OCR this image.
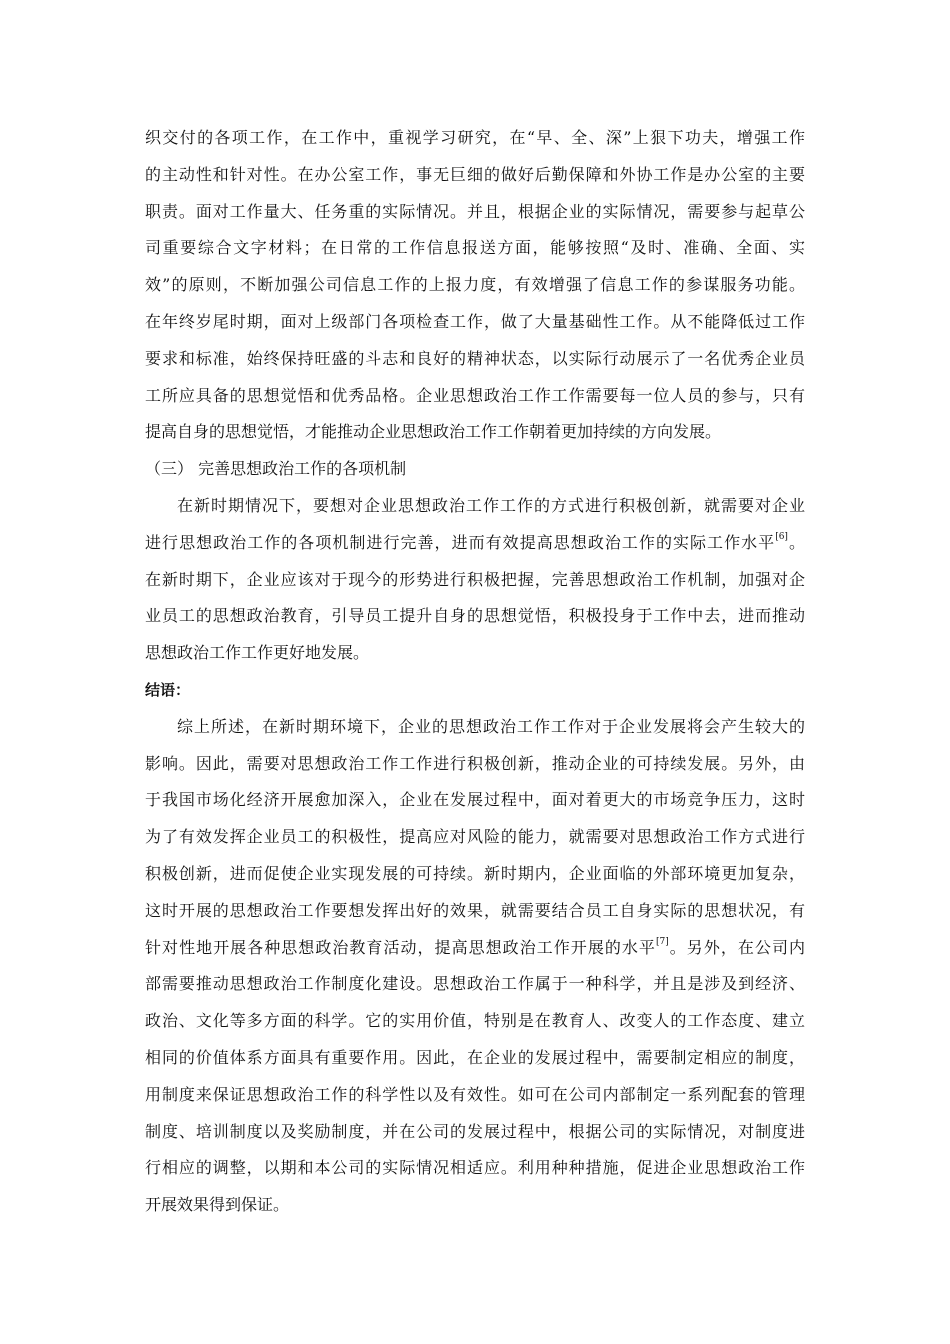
织交付的各项工作，在工作中，重视学习研究，在“早、全、深”上狠下功夫，增强工作
的主动性和针对性。在办公室工作，事无巨细的做好后勤保障和外协工作是办公室的主要
职责。面对工作量大、任务重的实际情况。并且，根据企业的实际情况，需要参与起草公
司重要综合文字材料；在日常的工作信息报送方面，能够按照“及时、准确、全面、实
效”的原则，不断加强公司信息工作的上报力度，有效增强了信息工作的参谋服务功能。
在年终岁尾时期，面对上级部门各项检查工作，做了大量基础性工作。从不能降低过工作
要求和标准，始终保持旺盛的斗志和良好的精神状态，以实际行动展示了一名优秀企业员
工所应具备的思想觉悟和优秀品格。企业思想政治工作工作需要每一位人员的参与，只有
提高自身的思想觉悟，才能推动企业思想政治工作工作朝着更加持续的方向发展。
（三） 完善思想政治工作的各项机制
在新时期情况下，要想对企业思想政治工作工作的方式进行积极创新，就需要对企业
进行思想政治工作的各项机制进行完善，进而有效提高思想政治工作的实际工作水平[6]。
在新时期下，企业应该对于现今的形势进行积极把握，完善思想政治工作机制，加强对企
业员工的思想政治教育，引导员工提升自身的思想觉悟，积极投身于工作中去，进而推动
思想政治工作工作更好地发展。
结语：
综上所述，在新时期环境下，企业的思想政治工作工作对于企业发展将会产生较大的
影响。因此，需要对思想政治工作工作进行积极创新，推动企业的可持续发展。另外，由
于我国市场化经济开展愈加深入，企业在发展过程中，面对着更大的市场竞争压力，这时
为了有效发挥企业员工的积极性，提高应对风险的能力，就需要对思想政治工作方式进行
积极创新，进而促使企业实现发展的可持续。新时期内，企业面临的外部环境更加复杂，
这时开展的思想政治工作要想发挥出好的效果，就需要结合员工自身实际的思想状况，有
针对性地开展各种思想政治教育活动，提高思想政治工作开展的水平[7]。另外，在公司内
部需要推动思想政治工作制度化建设。思想政治工作属于一种科学，并且是涉及到经济、
政治、文化等多方面的科学。它的实用价值，特别是在教育人、改变人的工作态度、建立
相同的价值体系方面具有重要作用。因此，在企业的发展过程中，需要制定相应的制度，
用制度来保证思想政治工作的科学性以及有效性。如可在公司内部制定一系列配套的管理
制度、培训制度以及奖励制度，并在公司的发展过程中，根据公司的实际情况，对制度进
行相应的调整，以期和本公司的实际情况相适应。利用种种措施，促进企业思想政治工作
开展效果得到保证。
